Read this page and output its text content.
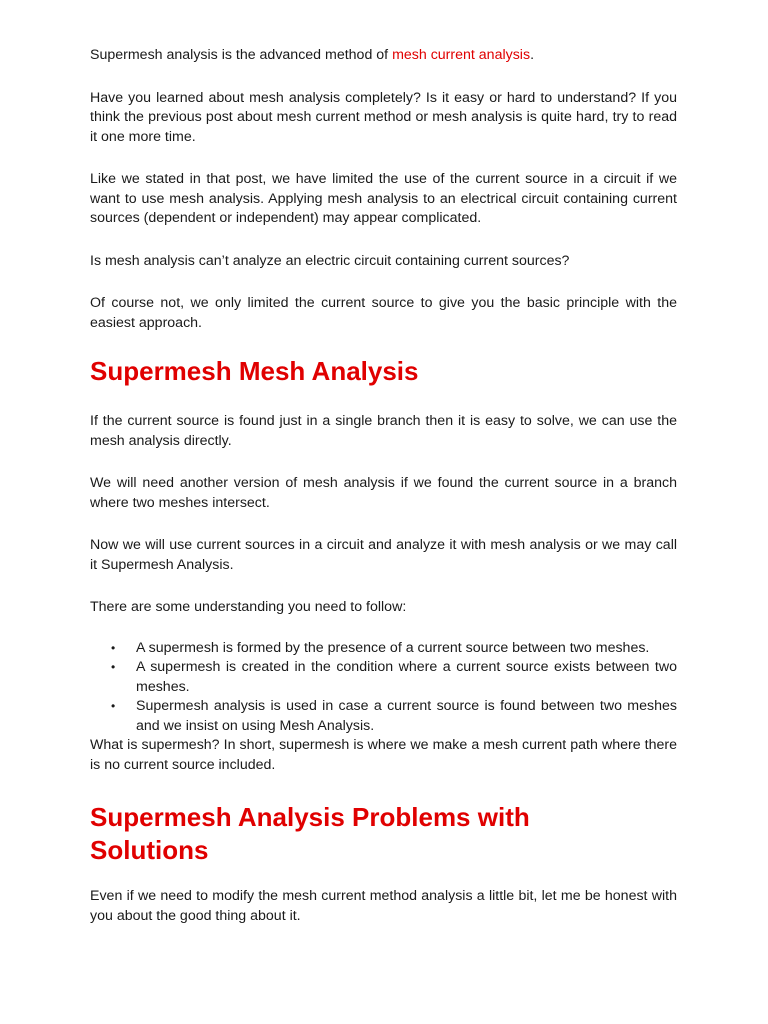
Supermesh analysis is the advanced method of mesh current analysis.

Have you learned about mesh analysis completely? Is it easy or hard to understand? If you think the previous post about mesh current method or mesh analysis is quite hard, try to read it one more time.

Like we stated in that post, we have limited the use of the current source in a circuit if we want to use mesh analysis. Applying mesh analysis to an electrical circuit containing current sources (dependent or independent) may appear complicated.

Is mesh analysis can’t analyze an electric circuit containing current sources?

Of course not, we only limited the current source to give you the basic principle with the easiest approach.

Supermesh Mesh Analysis

If the current source is found just in a single branch then it is easy to solve, we can use the mesh analysis directly.

We will need another version of mesh analysis if we found the current source in a branch where two meshes intersect.

Now we will use current sources in a circuit and analyze it with mesh analysis or we may call it Supermesh Analysis.

There are some understanding you need to follow:

• A supermesh is formed by the presence of a current source between two meshes.
• A supermesh is created in the condition where a current source exists between two meshes.
• Supermesh analysis is used in case a current source is found between two meshes and we insist on using Mesh Analysis.

What is supermesh? In short, supermesh is where we make a mesh current path where there is no current source included.

Supermesh Analysis Problems with Solutions

Even if we need to modify the mesh current method analysis a little bit, let me be honest with you about the good thing about it.
